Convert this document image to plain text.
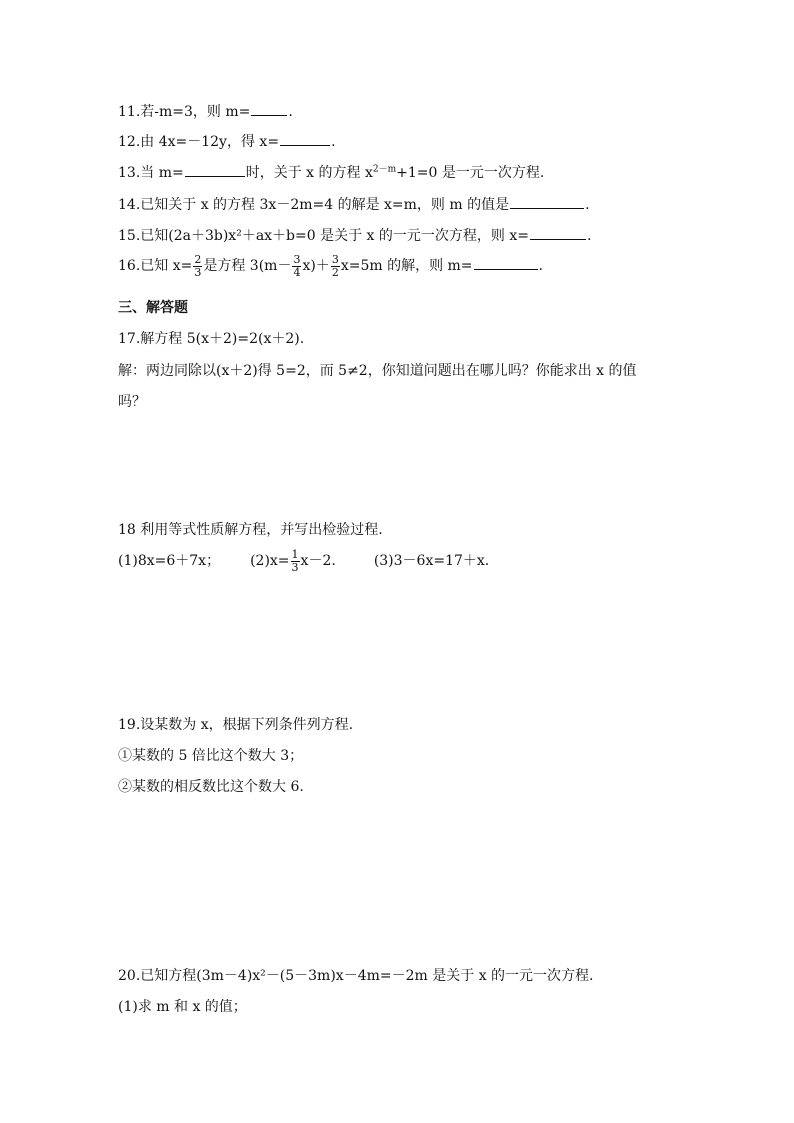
11.若-m=3，则 m=	.
12.由 4x=－12y，得 x=	.
13.当 m=	时，关于 x 的方程 $x^{2-m}+1=0$ 是一元一次方程.
14.已知关于 x 的方程 3x－2m=4 的解是 x=m，则 m 的值是	.
15.已知(2a＋3b)x²＋ax＋b=0 是关于 x 的一元一次方程，则 x=	.
16.已知 $x= \frac{2}{3}$ 是方程 $3(m- \frac{3}{4} x)+ \frac{3}{2} x=5m$ 的解，则 m=	.
三、解答题
17.解方程 5(x＋2)=2(x＋2).
解：两边同除以(x＋2)得 5=2，而 5≠2，你知道问题出在哪儿吗？你能求出 x 的值
吗？
18 利用等式性质解方程，并写出检验过程.
(1)8x=6＋7x； $(2)x= \frac{1}{3} x-2$.	(3)3－6x=17＋x.
19.设某数为 x，根据下列条件列方程.
①某数的 5 倍比这个数大 3；
②某数的相反数比这个数大 6.
20.已知方程(3m－4)x²－(5－3m)x－4m=－2m 是关于 x 的一元一次方程.
(1)求 m 和 x 的值；
